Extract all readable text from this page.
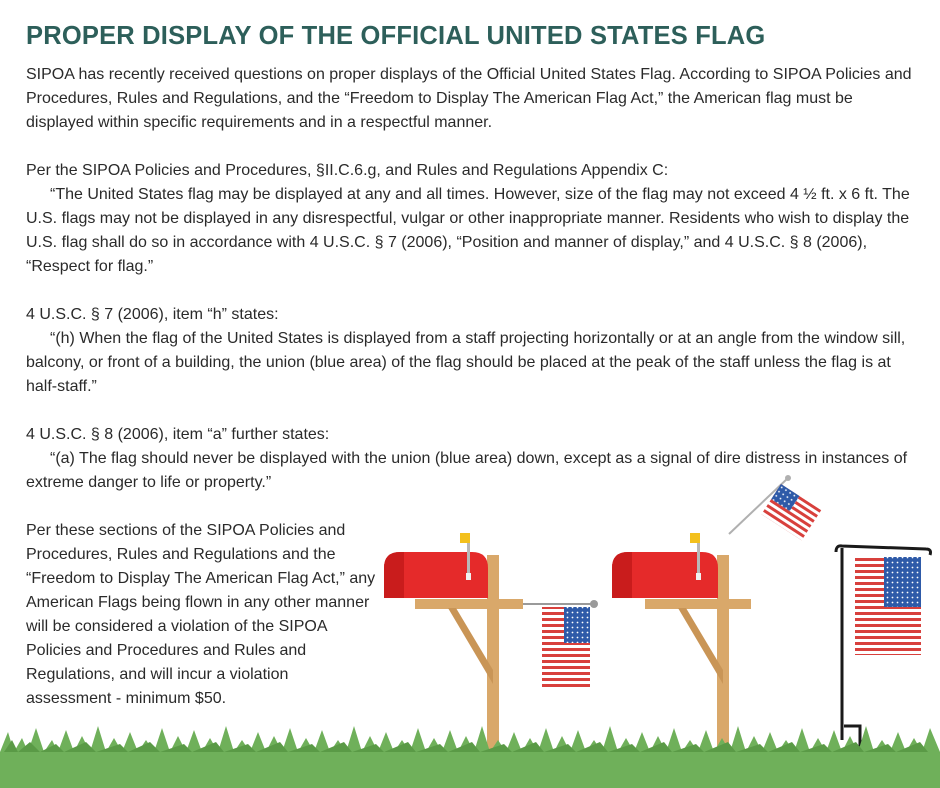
PROPER DISPLAY OF THE OFFICIAL UNITED STATES FLAG

SIPOA has recently received questions on proper displays of the Official United States Flag. According to SIPOA Policies and Procedures, Rules and Regulations, and the “Freedom to Display The American Flag Act,” the American flag must be displayed within specific requirements and in a respectful manner.

Per the SIPOA Policies and Procedures, §II.C.6.g, and Rules and Regulations Appendix C:
“The United States flag may be displayed at any and all times. However, size of the flag may not exceed 4 ½ ft. x 6 ft. The U.S. flags may not be displayed in any disrespectful, vulgar or other inappropriate manner. Residents who wish to display the U.S. flag shall do so in accordance with 4 U.S.C. § 7 (2006), “Position and manner of display,” and 4 U.S.C. § 8 (2006), “Respect for flag.”

4 U.S.C. § 7 (2006), item “h” states:
“(h) When the flag of the United States is displayed from a staff projecting horizontally or at an angle from the window sill, balcony, or front of a building, the union (blue area) of the flag should be placed at the peak of the staff unless the flag is at half-staff.”

4 U.S.C. § 8 (2006), item “a” further states:
“(a) The flag should never be displayed with the union (blue area) down, except as a signal of dire distress in instances of extreme danger to life or property.”

Per these sections of the SIPOA Policies and Procedures, Rules and Regulations and the “Freedom to Display The American Flag Act,” any American Flags being flown in any other manner will be considered a violation of the SIPOA Policies and Procedures and Rules and Regulations, and will incur a violation assessment - minimum $50.
